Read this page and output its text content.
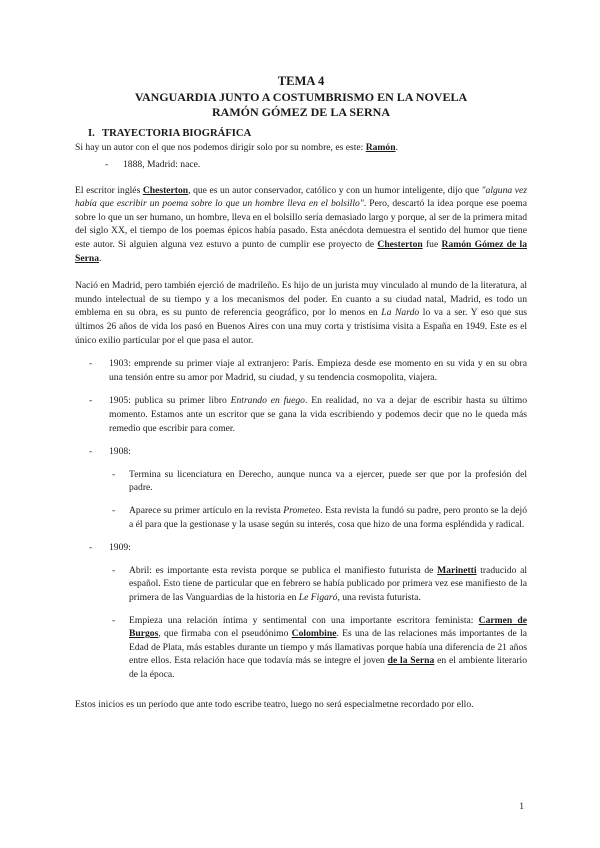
TEMA 4
VANGUARDIA JUNTO A COSTUMBRISMO EN LA NOVELA
RAMÓN GÓMEZ DE LA SERNA
I. TRAYECTORIA BIOGRÁFICA

Si hay un autor con el que nos podemos dirigir solo por su nombre, es este: Ramón.

- 1888, Madrid: nace.

El escritor inglés Chesterton, que es un autor conservador, católico y con un humor inteligente, dijo que "alguna vez había que escribir un poema sobre lo que un hombre lleva en el bolsillo". Pero, descartó la idea porque ese poema sobre lo que un ser humano, un hombre, lleva en el bolsillo sería demasiado largo y porque, al ser de la primera mitad del siglo XX, el tiempo de los poemas épicos había pasado. Esta anécdota demuestra el sentido del humor que tiene este autor. Si alguien alguna vez estuvo a punto de cumplir ese proyecto de Chesterton fue Ramón Gómez de la Serna.

Nació en Madrid, pero también ejerció de madrileño. Es hijo de un jurista muy vinculado al mundo de la literatura, al mundo intelectual de su tiempo y a los mecanismos del poder. En cuanto a su ciudad natal, Madrid, es todo un emblema en su obra, es su punto de referencia geográfico, por lo menos en La Nardo lo va a ser. Y eso que sus últimos 26 años de vida los pasó en Buenos Aires con una muy corta y tristísima visita a España en 1949. Este es el único exilio particular por el que pasa el autor.

- 1903: emprende su primer viaje al extranjero: París. Empieza desde ese momento en su vida y en su obra una tensión entre su amor por Madrid, su ciudad, y su tendencia cosmopolita, viajera.
- 1905: publica su primer libro Entrando en fuego. En realidad, no va a dejar de escribir hasta su último momento. Estamos ante un escritor que se gana la vida escribiendo y podemos decir que no le queda más remedio que escribir para comer.
- 1908:
- Termina su licenciatura en Derecho, aunque nunca va a ejercer, puede ser que por la profesión del padre.
- Aparece su primer artículo en la revista Prometeo. Esta revista la fundó su padre, pero pronto se la dejó a él para que la gestionase y la usase según su interés, cosa que hizo de una forma espléndida y radical.
- 1909:
- Abril: es importante esta revista porque se publica el manifiesto futurista de Marinetti traducido al español. Esto tiene de particular que en febrero se había publicado por primera vez ese manifiesto de la primera de las Vanguardias de la historia en Le Figaró, una revista futurista.
- Empieza una relación íntima y sentimental con una importante escritora feminista: Carmen de Burgos, que firmaba con el pseudónimo Colombine. Es una de las relaciones más importantes de la Edad de Plata, más estables durante un tiempo y más llamativas porque había una diferencia de 21 años entre ellos. Esta relación hace que todavía más se integre el joven de la Serna en el ambiente literario de la época.

Estos inicios es un período que ante todo escribe teatro, luego no será especialmetne recordado por ello.

1
